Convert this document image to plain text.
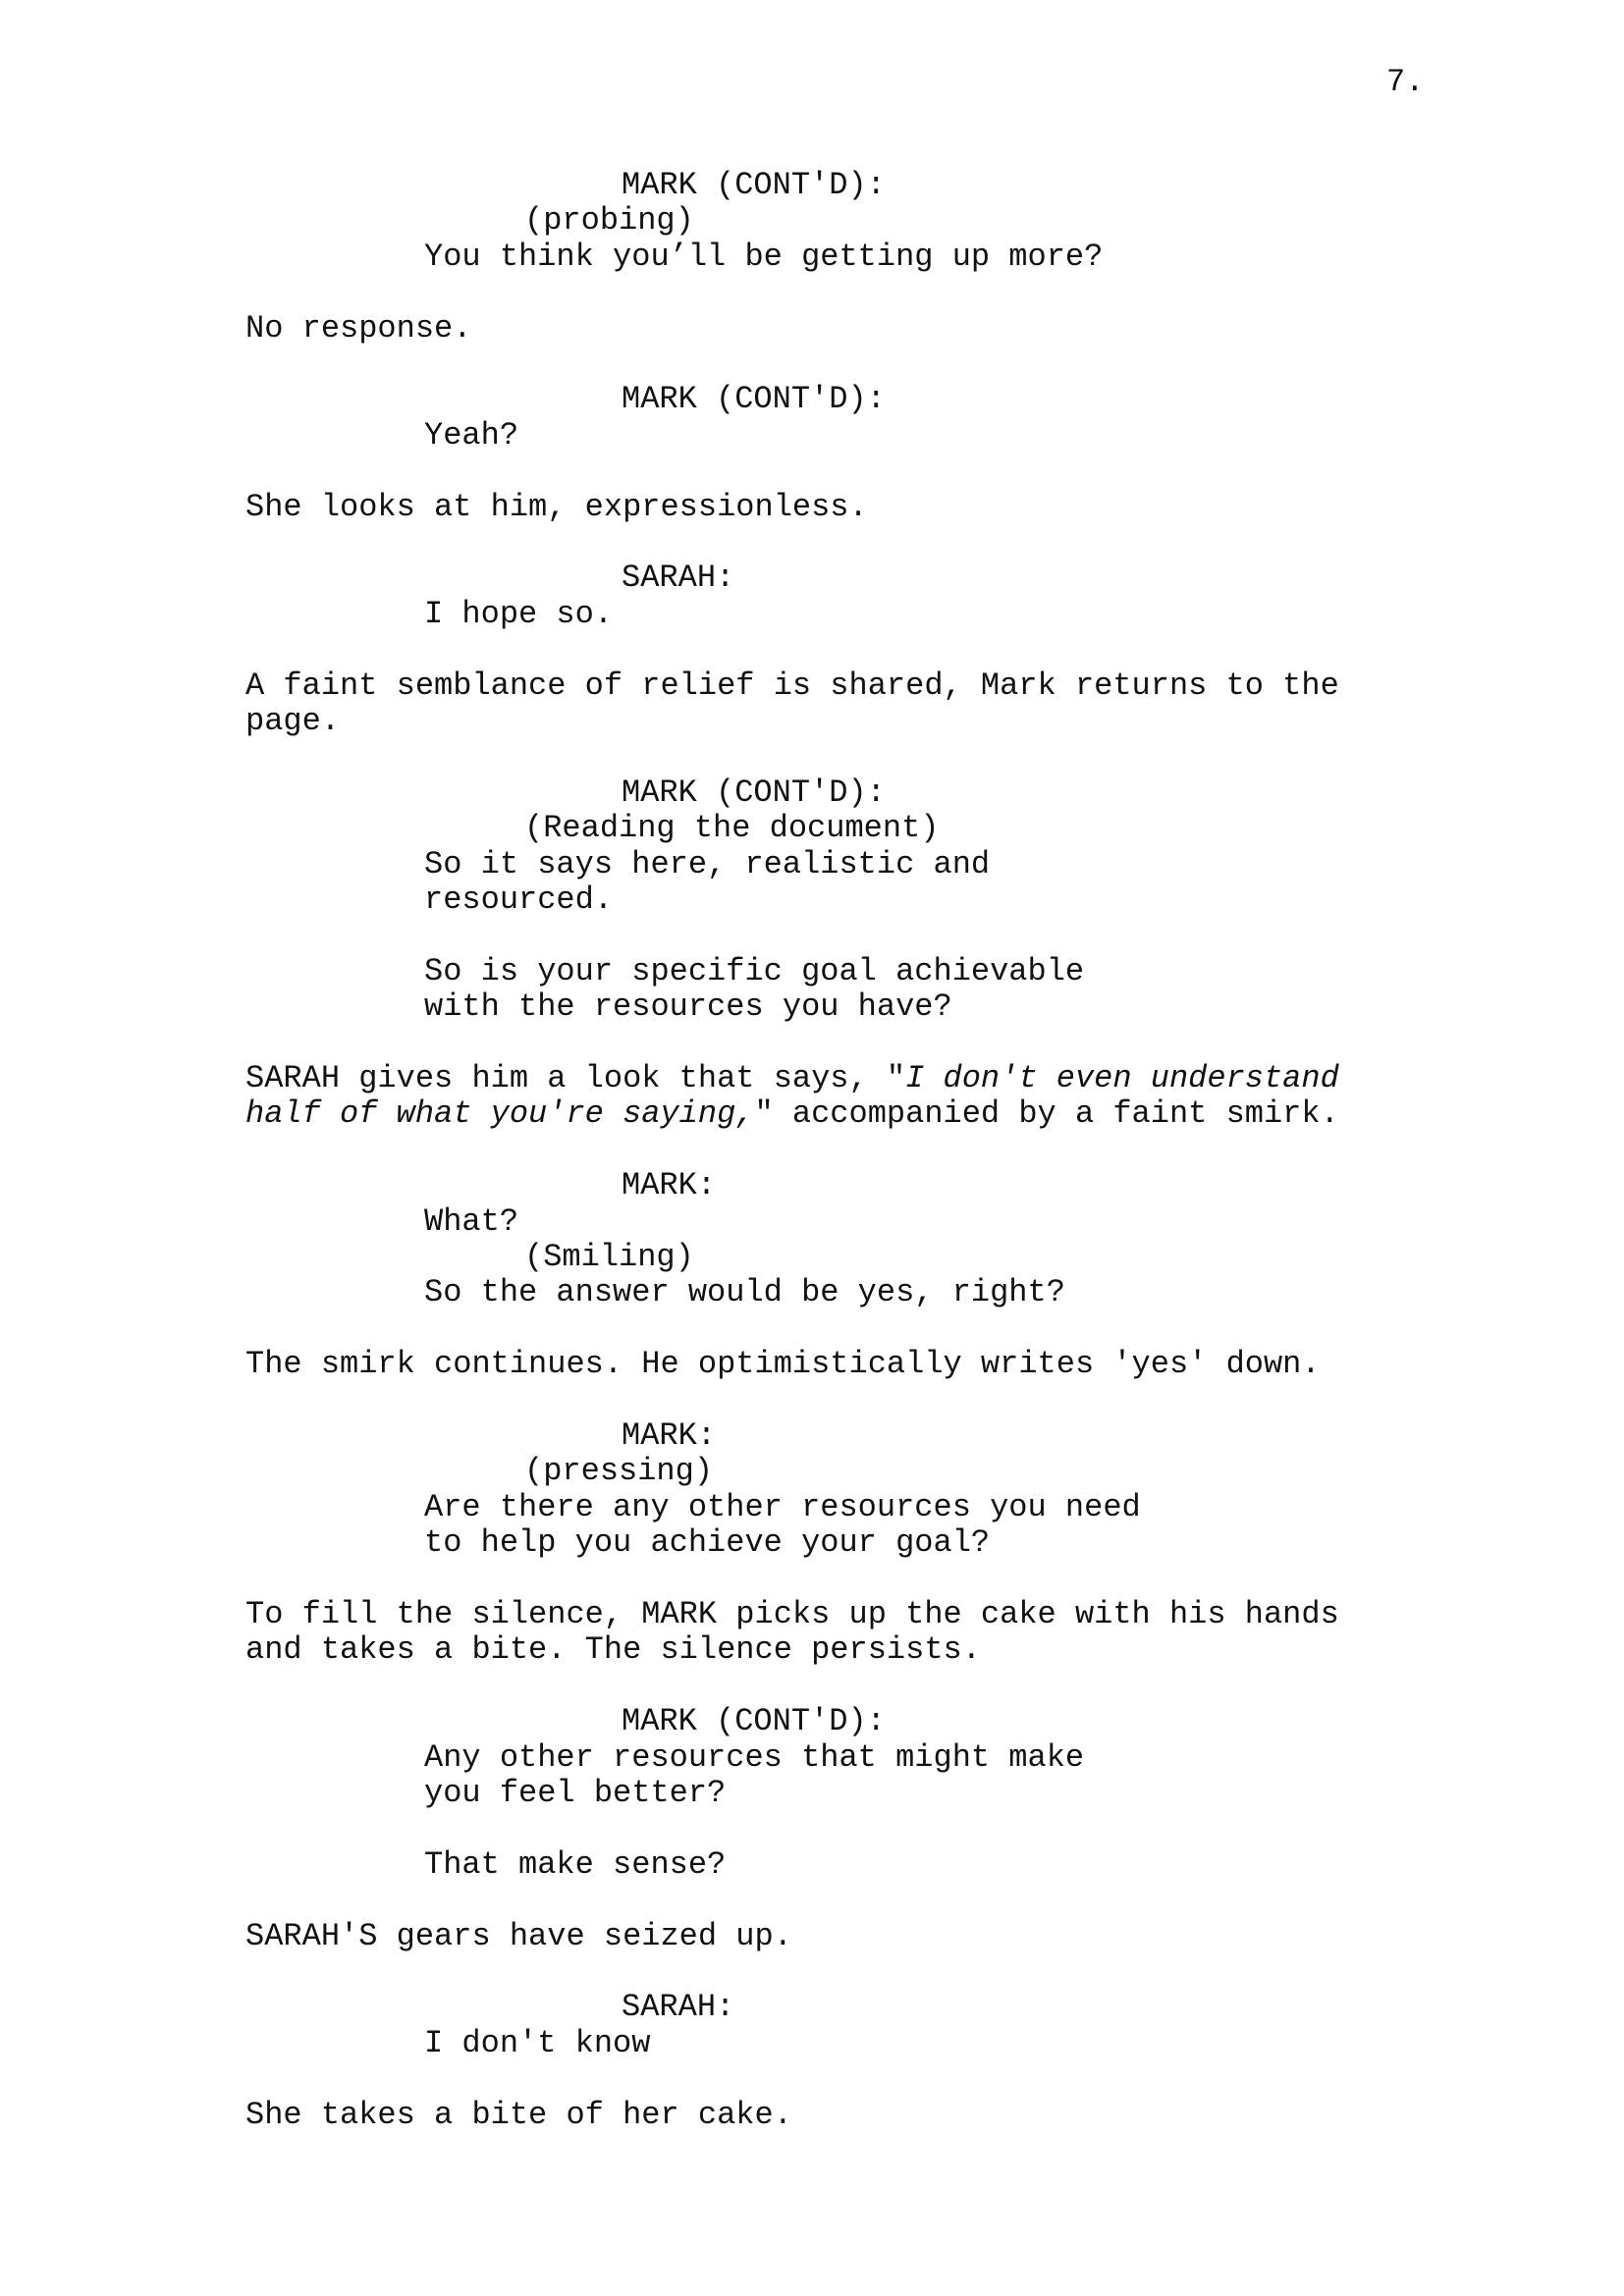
7.

MARK (CONT'D):

(probing)

You think you’ll be getting up more?

No response.

MARK (CONT'D):

Yeah?

She looks at him, expressionless.

SARAH:

I hope so.

A faint semblance of relief is shared, Mark returns to the

page.

MARK (CONT'D):

(Reading the document)

So it says here, realistic and

resourced.

So is your specific goal achievable

with the resources you have?

SARAH gives him a look that says, "I don't even understand

half of what you're saying," accompanied by a faint smirk.

MARK:

What?

(Smiling)

So the answer would be yes, right?

The smirk continues. He optimistically writes 'yes' down.

MARK:

(pressing)

Are there any other resources you need

to help you achieve your goal?

To fill the silence, MARK picks up the cake with his hands

and takes a bite. The silence persists.

MARK (CONT'D):

Any other resources that might make

you feel better?

That make sense?

SARAH'S gears have seized up.

SARAH:

I don't know

She takes a bite of her cake.
